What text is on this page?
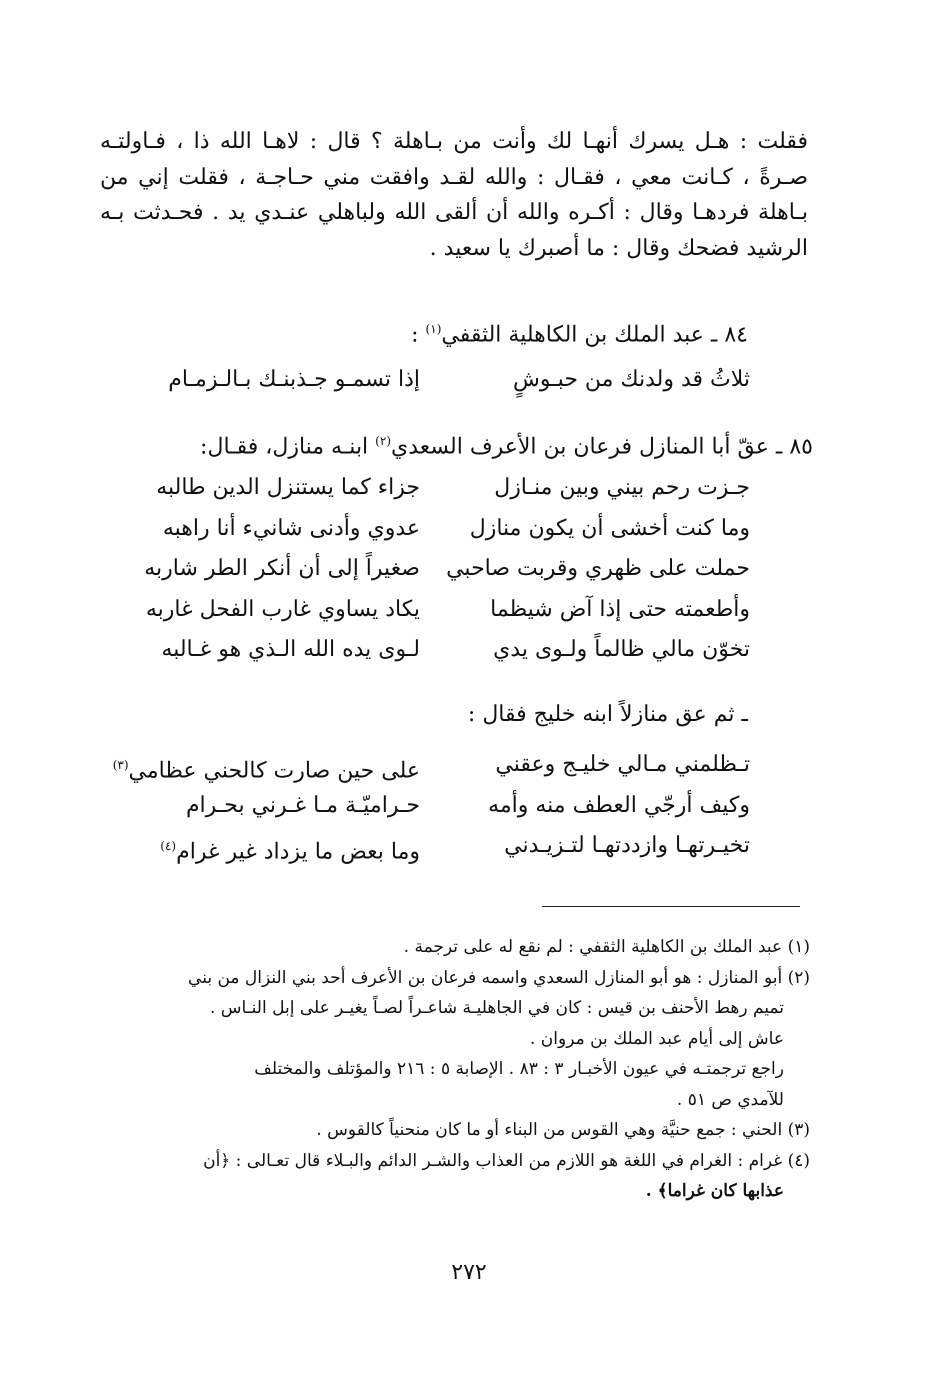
فقلت : هـل يسرك أنهـا لك وأنت من بـاهلة ؟ قال : لاهـا الله ذا ، فـاولتـه صـرةً ، كـانت معي ، فقـال : والله لقـد وافقت مني حـاجـة ، فقلت إني من بـاهلة فردهـا وقال : أكـره والله أن ألقى الله ولباهلي عنـدي يد . فحـدثت بـه الرشيد فضحك وقال : ما أصبرك يا سعيد .

٨٤ ـ عبد الملك بن الكاهلية الثقفي$^{(١)}$ :
ثلاثُ قد ولدنك من حبـوشٍ
إذا تسمـو جـذبنـك بـالـزمـام
٨٥ ـ عقّ أبا المنازل فرعان بن الأعرف السعدي$^{(٢)}$ ابنـه منازل، فقـال:
جـزت رحم بيني وبين منـازل
جزاء كما يستنزل الدين طالبه
وما كنت أخشى أن يكون منازل
عدوي وأدنى شانيء أنا راهبه
حملت على ظهري وقربت صاحبي
صغيراً إلى أن أنكر الطر شاربه
وأطعمته حتى إذا آض شيظما
يكاد يساوي غارب الفحل غاربه
تخوّن مالي ظالماً ولـوى يدي
لـوى يده الله الـذي هو غـالبه
ـ ثم عق منازلاً ابنه خليج فقال :
تـظلمني مـالي خليـج وعقني
على حين صارت كالحني عظامي$^{(٣)}$
وكيف أرجّي العطف منه وأمه
حـراميّـة مـا غـرني بحـرام
تخيـرتهـا وازددتهـا لتـزيـدني
وما بعض ما يزداد غير غرام$^{(٤)}$

(١) عبد الملك بن الكاهلية الثقفي : لم نقع له على ترجمة .

(٢) أبو المنازل : هو أبو المنازل السعدي واسمه فرعان بن الأعرف أحد بني النزال من بني

تميم رهط الأحنف بن قيس : كان في الجاهليـة شاعـراً لصـاً يغيـر على إبل النـاس .

عاش إلى أيام عبد الملك بن مروان .

راجع ترجمتـه في عيون الأخبـار ٣ : ٨٣ . الإصابة ٥ : ٢١٦ والمؤتلف والمختلف

للآمدي ص ٥١ .

(٣) الحني : جمع حنيَّة وهي القوس من البناء أو ما كان منحنياً كالقوس .

(٤) غرام : الغرام في اللغة هو اللازم من العذاب والشـر الدائم والبـلاء قال تعـالى : ﴿أن

عذابها كان غراما﴾ .

٢٧٢
